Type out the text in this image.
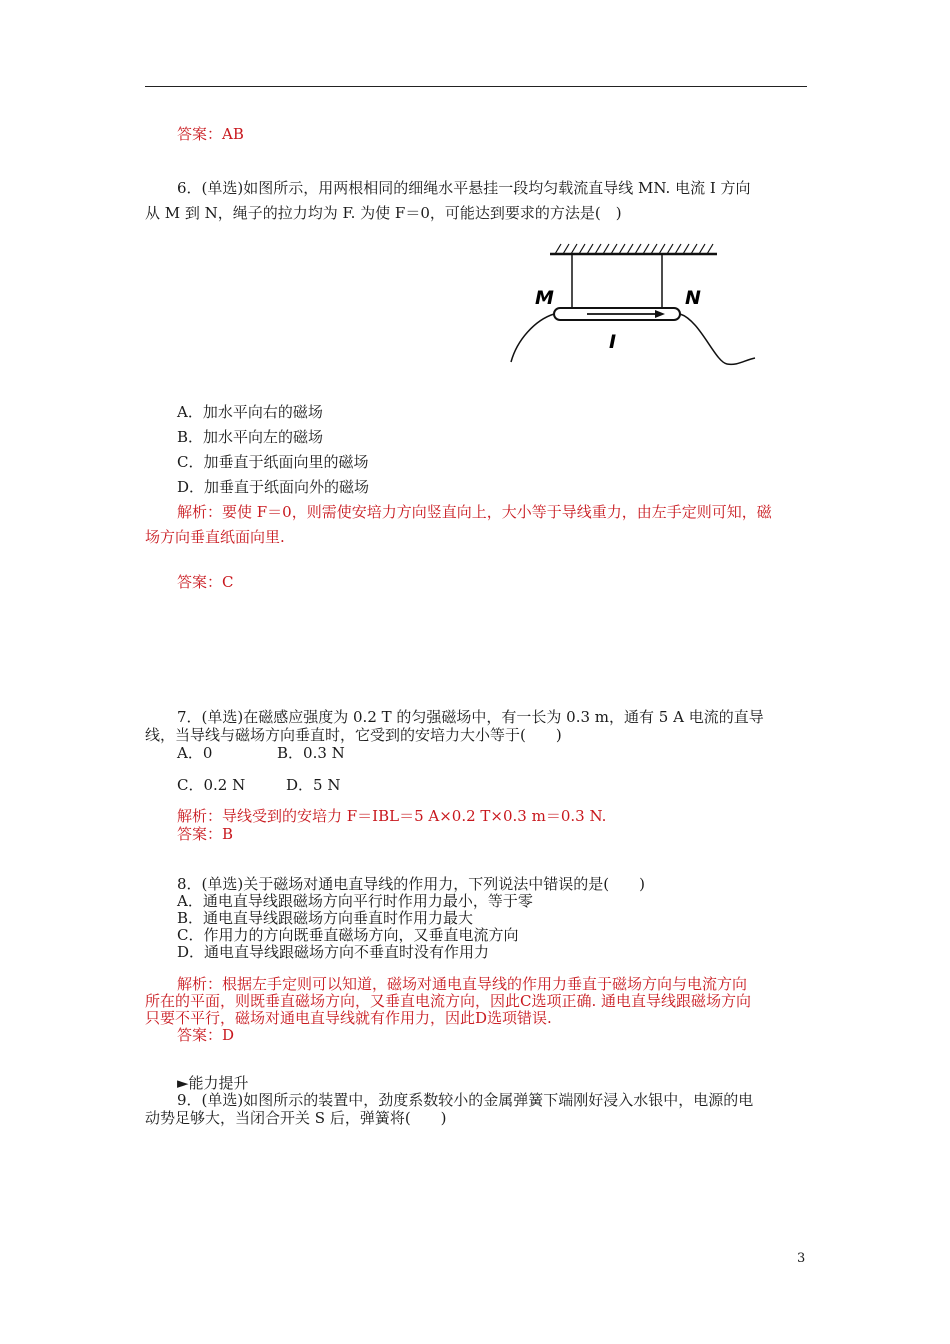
答案：AB
6．(单选)如图所示，用两根相同的细绳水平悬挂一段均匀载流直导线 MN. 电流 I 方向
从 M 到 N，绳子的拉力均为 F. 为使 F＝0，可能达到要求的方法是(　)
M	N
I
A．加水平向右的磁场
B．加水平向左的磁场
C．加垂直于纸面向里的磁场
D．加垂直于纸面向外的磁场
解析：要使 F＝0，则需使安培力方向竖直向上，大小等于导线重力，由左手定则可知，磁
场方向垂直纸面向里.
答案：C
7．(单选)在磁感应强度为 0.2 T 的匀强磁场中，有一长为 0.3 m，通有 5 A 电流的直导
线，当导线与磁场方向垂直时，它受到的安培力大小等于(　　)
A．0	B．0.3 N
C．0.2 N	D．5 N
解析：导线受到的安培力 F＝IBL＝5 A×0.2 T×0.3 m＝0.3 N.
答案：B
8．(单选)关于磁场对通电直导线的作用力，下列说法中错误的是(　　)
A．通电直导线跟磁场方向平行时作用力最小，等于零
B．通电直导线跟磁场方向垂直时作用力最大
C．作用力的方向既垂直磁场方向，又垂直电流方向
D．通电直导线跟磁场方向不垂直时没有作用力
解析：根据左手定则可以知道，磁场对通电直导线的作用力垂直于磁场方向与电流方向
所在的平面，则既垂直磁场方向，又垂直电流方向，因此C选项正确. 通电直导线跟磁场方向
只要不平行，磁场对通电直导线就有作用力，因此D选项错误.
答案：D
►能力提升
9．(单选)如图所示的装置中，劲度系数较小的金属弹簧下端刚好浸入水银中，电源的电
动势足够大，当闭合开关 S 后，弹簧将(　　)
3
